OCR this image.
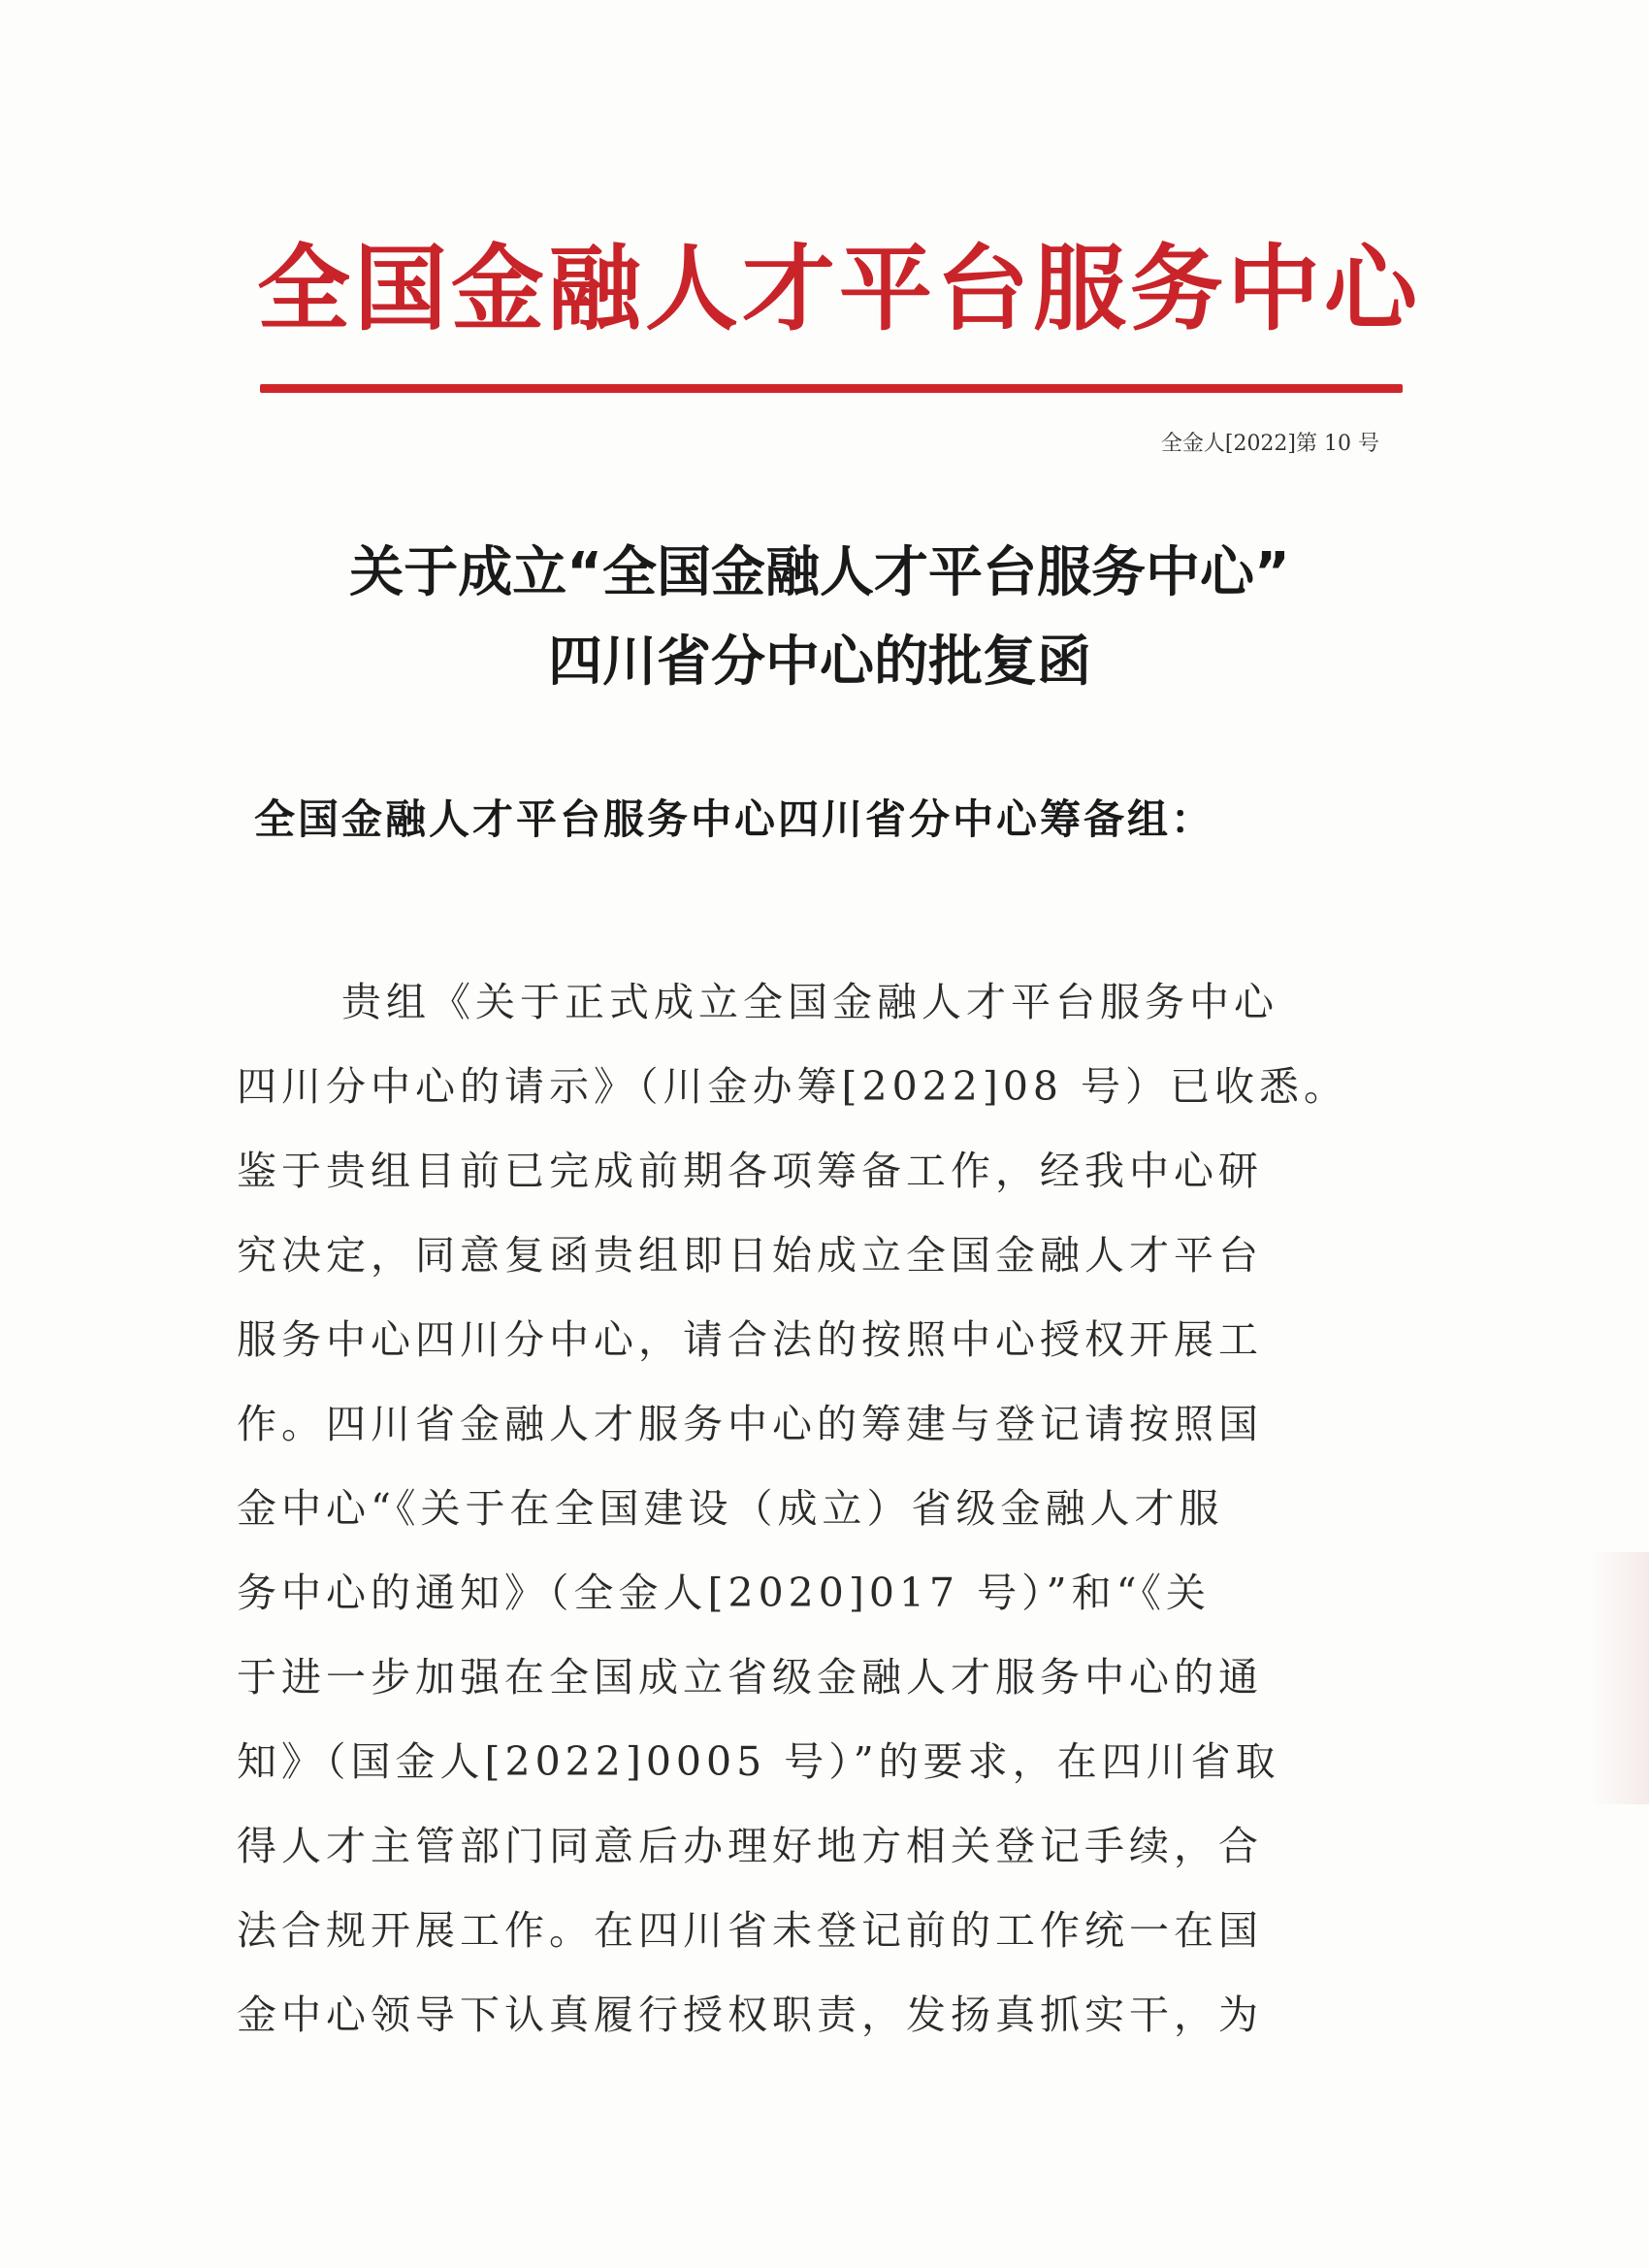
全国金融人才平台服务中心
全金人[2022]第 10 号
关于成立“全国金融人才平台服务中心”
四川省分中心的批复函
全国金融人才平台服务中心四川省分中心筹备组：
贵组《关于正式成立全国金融人才平台服务中心
四川分中心的请示》（川金办筹[2022]08 号）已收悉。
鉴于贵组目前已完成前期各项筹备工作，经我中心研
究决定，同意复函贵组即日始成立全国金融人才平台
服务中心四川分中心，请合法的按照中心授权开展工
作。四川省金融人才服务中心的筹建与登记请按照国
金中心“《关于在全国建设（成立）省级金融人才服
务中心的通知》（全金人[2020]017 号）”和“《关
于进一步加强在全国成立省级金融人才服务中心的通
知》（国金人[2022]0005 号）”的要求，在四川省取
得人才主管部门同意后办理好地方相关登记手续，合
法合规开展工作。在四川省未登记前的工作统一在国
金中心领导下认真履行授权职责，发扬真抓实干，为
